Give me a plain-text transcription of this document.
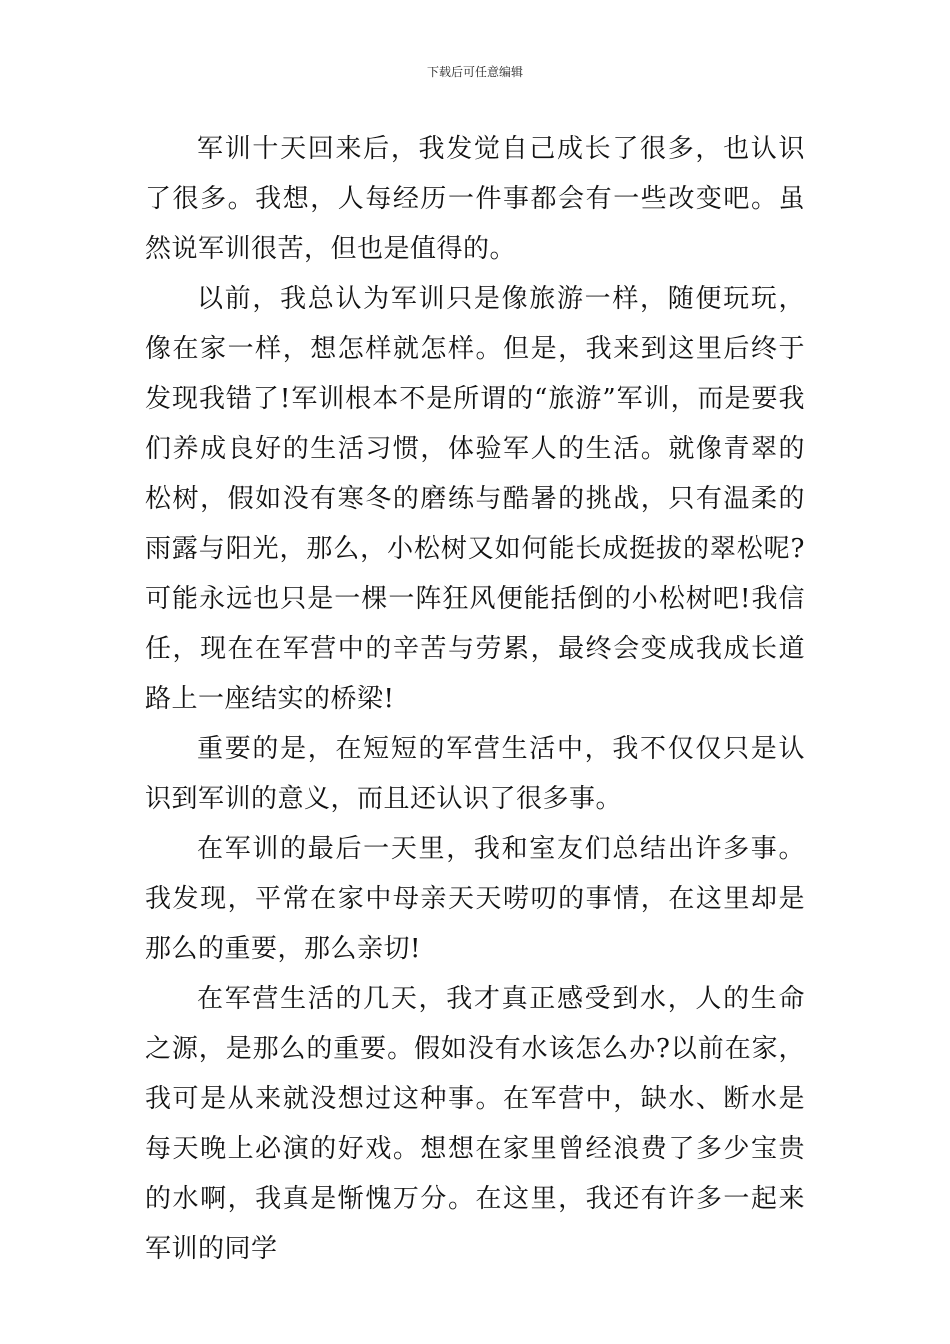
下载后可任意编辑

军训十天回来后，我发觉自己成长了很多，也认识了很多。我想，人每经历一件事都会有一些改变吧。虽然说军训很苦，但也是值得的。

以前，我总认为军训只是像旅游一样，随便玩玩，像在家一样，想怎样就怎样。但是，我来到这里后终于发现我错了!军训根本不是所谓的“旅游”军训，而是要我们养成良好的生活习惯，体验军人的生活。就像青翠的松树，假如没有寒冬的磨练与酷暑的挑战，只有温柔的雨露与阳光，那么，小松树又如何能长成挺拔的翠松呢?可能永远也只是一棵一阵狂风便能括倒的小松树吧!我信任，现在在军营中的辛苦与劳累，最终会变成我成长道路上一座结实的桥梁!

重要的是，在短短的军营生活中，我不仅仅只是认识到军训的意义，而且还认识了很多事。

在军训的最后一天里，我和室友们总结出许多事。我发现，平常在家中母亲天天唠叨的事情，在这里却是那么的重要，那么亲切!

在军营生活的几天，我才真正感受到水，人的生命之源，是那么的重要。假如没有水该怎么办?以前在家，我可是从来就没想过这种事。在军营中，缺水、断水是每天晚上必演的好戏。想想在家里曾经浪费了多少宝贵的水啊，我真是惭愧万分。在这里，我还有许多一起来军训的同学
